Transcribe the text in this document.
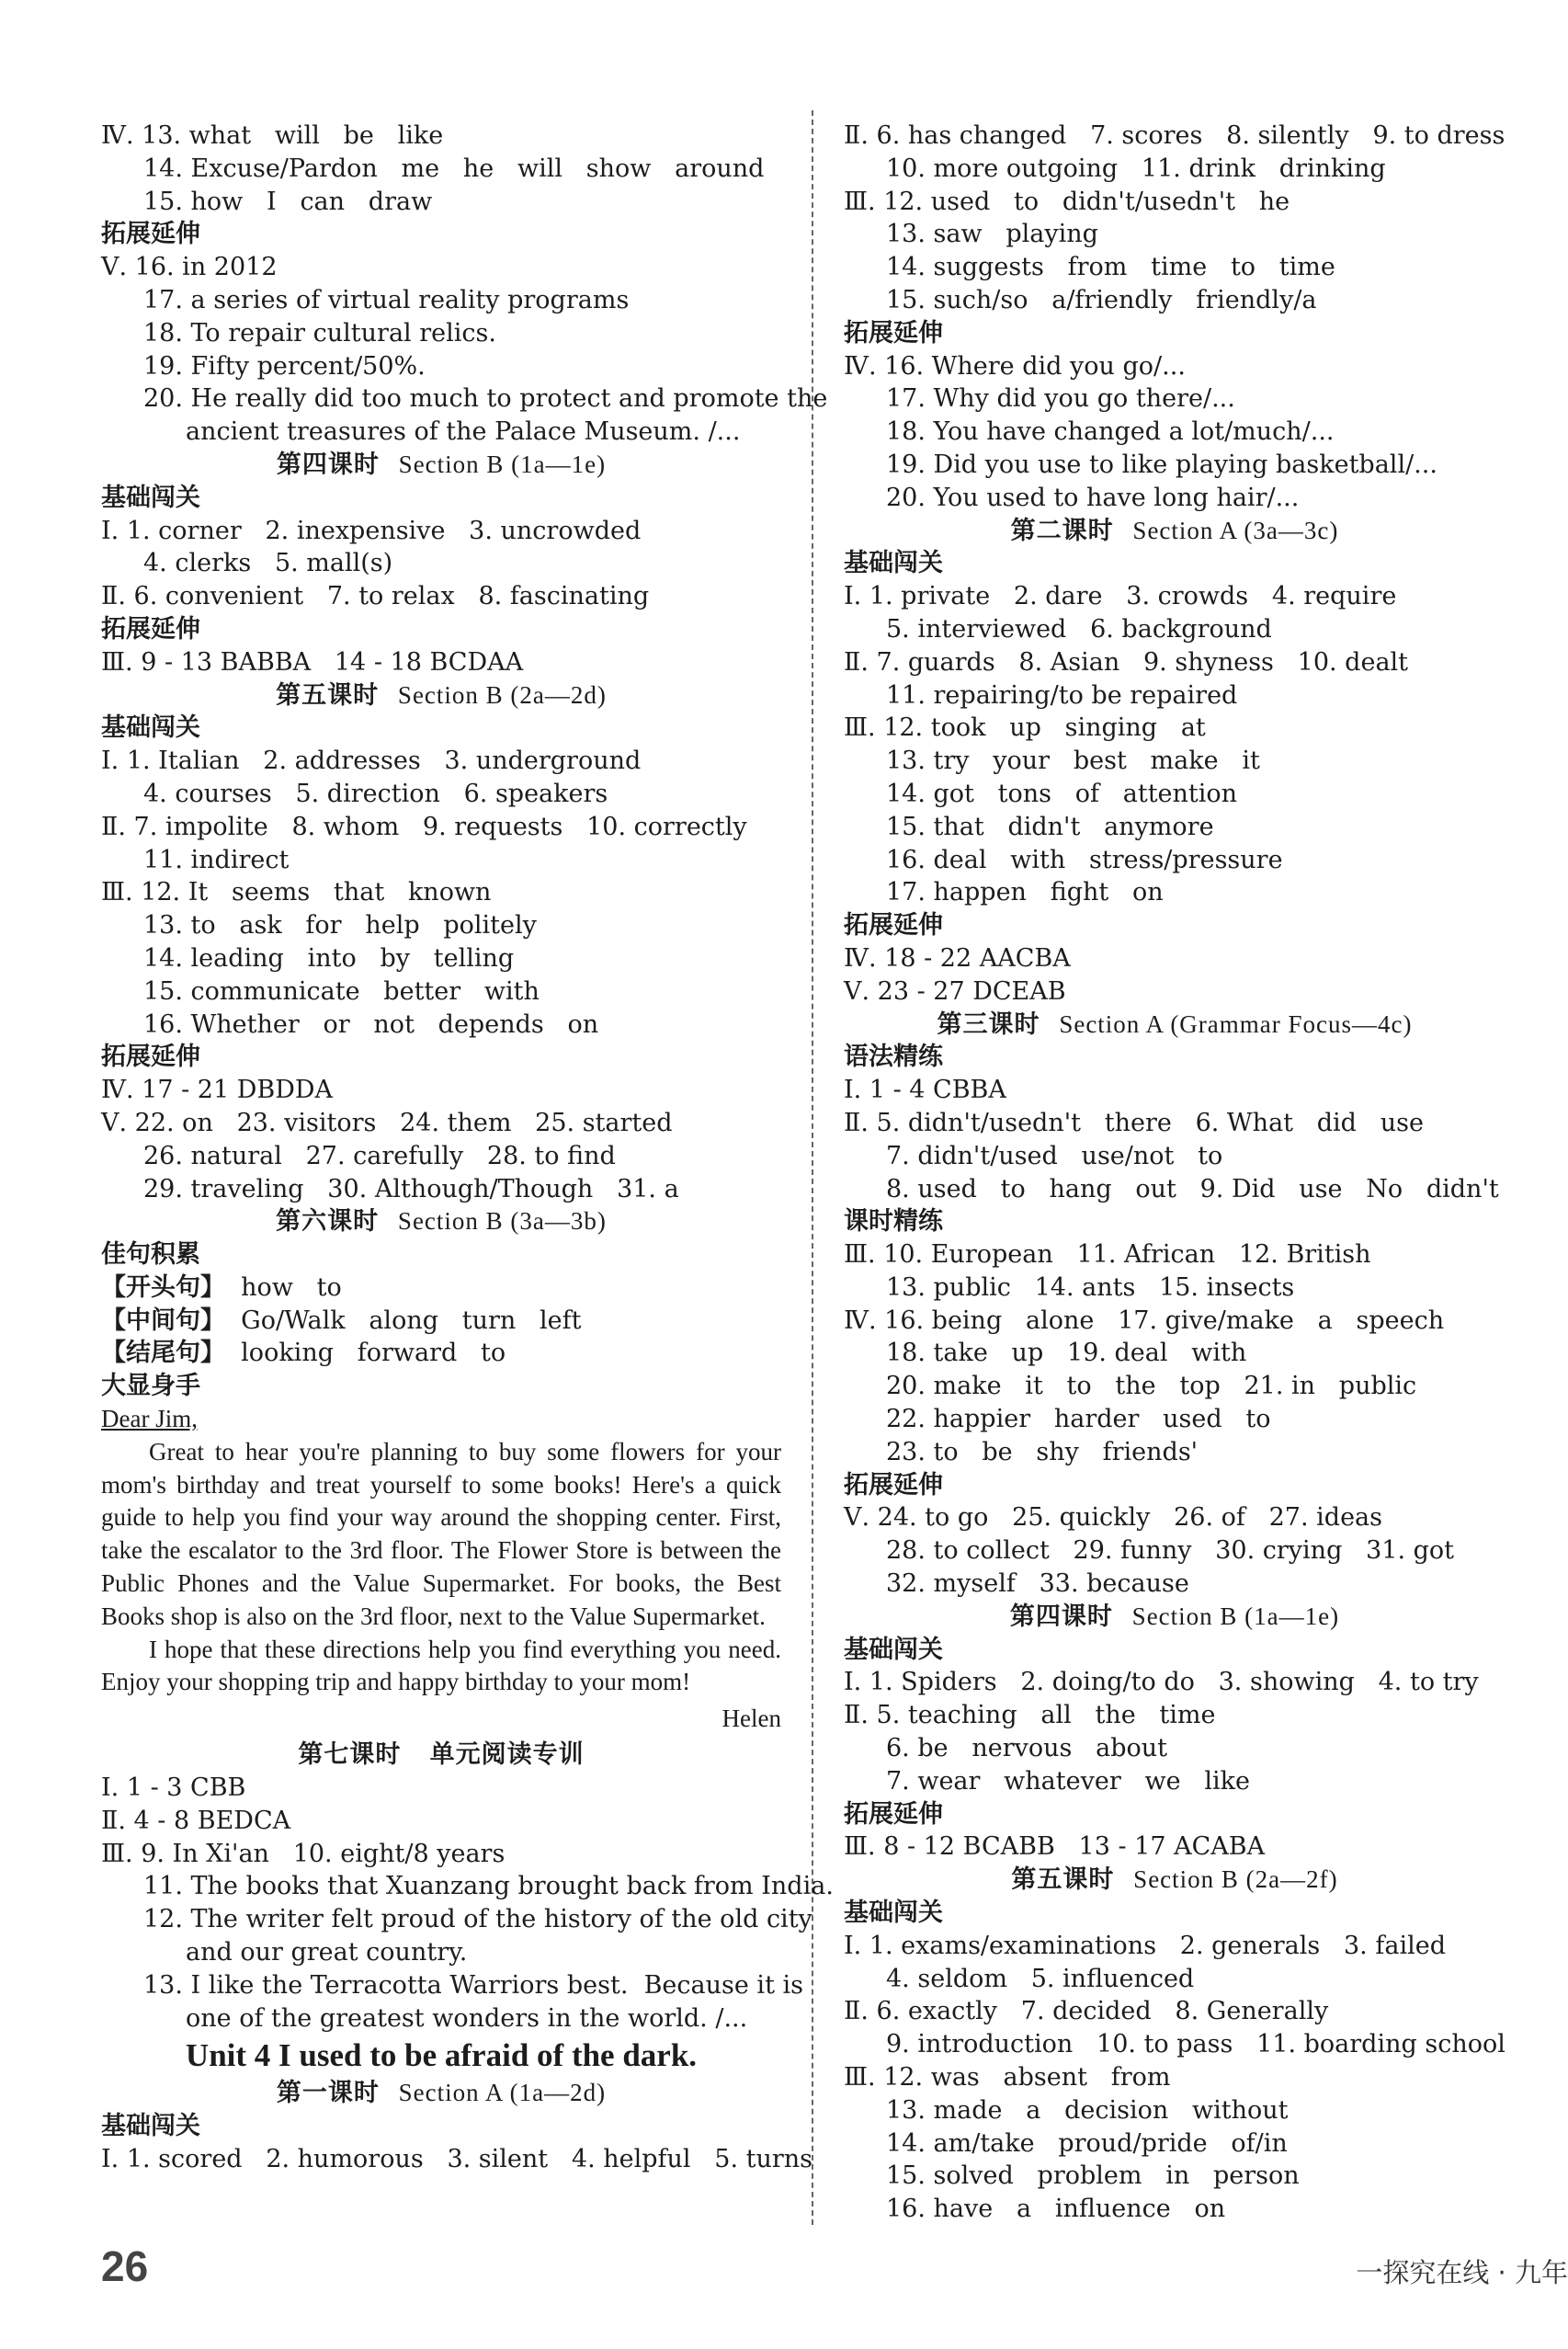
Ⅳ. 13. what   will   be   like
14. Excuse/Pardon   me   he   will   show   around
15. how   I   can   draw
拓展延伸
Ⅴ. 16. in 2012
17. a series of virtual reality programs
18. To repair cultural relics.
19. Fifty percent/50%.
20. He really did too much to protect and promote the
ancient treasures of the Palace Museum. /...
第四课时 Section B (1a—1e)
基础闯关
Ⅰ. 1. corner   2. inexpensive   3. uncrowded
4. clerks   5. mall(s)
Ⅱ. 6. convenient   7. to relax   8. fascinating
拓展延伸
Ⅲ. 9 - 13 BABBA   14 - 18 BCDAA
第五课时 Section B (2a—2d)
基础闯关
Ⅰ. 1. Italian   2. addresses   3. underground
4. courses   5. direction   6. speakers
Ⅱ. 7. impolite   8. whom   9. requests   10. correctly
11. indirect
Ⅲ. 12. It   seems   that   known
13. to   ask   for   help   politely
14. leading   into   by   telling
15. communicate   better   with
16. Whether   or   not   depends   on
拓展延伸
Ⅳ. 17 - 21 DBDDA
Ⅴ. 22. on   23. visitors   24. them   25. started
26. natural   27. carefully   28. to find
29. traveling   30. Although/Though   31. a
第六课时 Section B (3a—3b)
佳句积累
【开头句】 how   to
【中间句】 Go/Walk   along   turn   left
【结尾句】 looking   forward   to
大显身手
Dear Jim,

Great to hear you're planning to buy some flowers for your mom's birthday and treat yourself to some books! Here's a quick guide to help you find your way around the shopping center. First, take the escalator to the 3rd floor. The Flower Store is between the Public Phones and the Value Supermarket. For books, the Best Books shop is also on the 3rd floor, next to the Value Supermarket.

I hope that these directions help you find everything you need. Enjoy your shopping trip and happy birthday to your mom!

Helen
第七课时   单元阅读专训
Ⅰ. 1 - 3 CBB
Ⅱ. 4 - 8 BEDCA
Ⅲ. 9. In Xi'an   10. eight/8 years
11. The books that Xuanzang brought back from India.
12. The writer felt proud of the history of the old city
and our great country.
13. I like the Terracotta Warriors best.  Because it is
one of the greatest wonders in the world. /...
Unit 4 I used to be afraid of the dark.
第一课时 Section A (1a—2d)
基础闯关
Ⅰ. 1. scored   2. humorous   3. silent   4. helpful   5. turns
Ⅱ. 6. has changed   7. scores   8. silently   9. to dress
10. more outgoing   11. drink   drinking
Ⅲ. 12. used   to   didn't/usedn't   he
13. saw   playing
14. suggests   from   time   to   time
15. such/so   a/friendly   friendly/a
拓展延伸
Ⅳ. 16. Where did you go/...
17. Why did you go there/...
18. You have changed a lot/much/...
19. Did you use to like playing basketball/...
20. You used to have long hair/...
第二课时 Section A (3a—3c)
基础闯关
Ⅰ. 1. private   2. dare   3. crowds   4. require
5. interviewed   6. background
Ⅱ. 7. guards   8. Asian   9. shyness   10. dealt
11. repairing/to be repaired
Ⅲ. 12. took   up   singing   at
13. try   your   best   make   it
14. got   tons   of   attention
15. that   didn't   anymore
16. deal   with   stress/pressure
17. happen   fight   on
拓展延伸
Ⅳ. 18 - 22 AACBA
Ⅴ. 23 - 27 DCEAB
第三课时 Section A (Grammar Focus—4c)
语法精练
Ⅰ. 1 - 4 CBBA
Ⅱ. 5. didn't/usedn't   there   6. What   did   use
7. didn't/used   use/not   to
8. used   to   hang   out   9. Did   use   No   didn't
课时精练
Ⅲ. 10. European   11. African   12. British
13. public   14. ants   15. insects
Ⅳ. 16. being   alone   17. give/make   a   speech
18. take   up   19. deal   with
20. make   it   to   the   top   21. in   public
22. happier   harder   used   to
23. to   be   shy   friends'
拓展延伸
Ⅴ. 24. to go   25. quickly   26. of   27. ideas
28. to collect   29. funny   30. crying   31. got
32. myself   33. because
第四课时 Section B (1a—1e)
基础闯关
Ⅰ. 1. Spiders   2. doing/to do   3. showing   4. to try
Ⅱ. 5. teaching   all   the   time
6. be   nervous   about
7. wear   whatever   we   like
拓展延伸
Ⅲ. 8 - 12 BCABB   13 - 17 ACABA
第五课时 Section B (2a—2f)
基础闯关
Ⅰ. 1. exams/examinations   2. generals   3. failed
4. seldom   5. influenced
Ⅱ. 6. exactly   7. decided   8. Generally
9. introduction   10. to pass   11. boarding school
Ⅲ. 12. was   absent   from
13. made   a   decision   without
14. am/take   proud/pride   of/in
15. solved   problem   in   person
16. have   a   influence   on
26	一探究在线 · 九年
